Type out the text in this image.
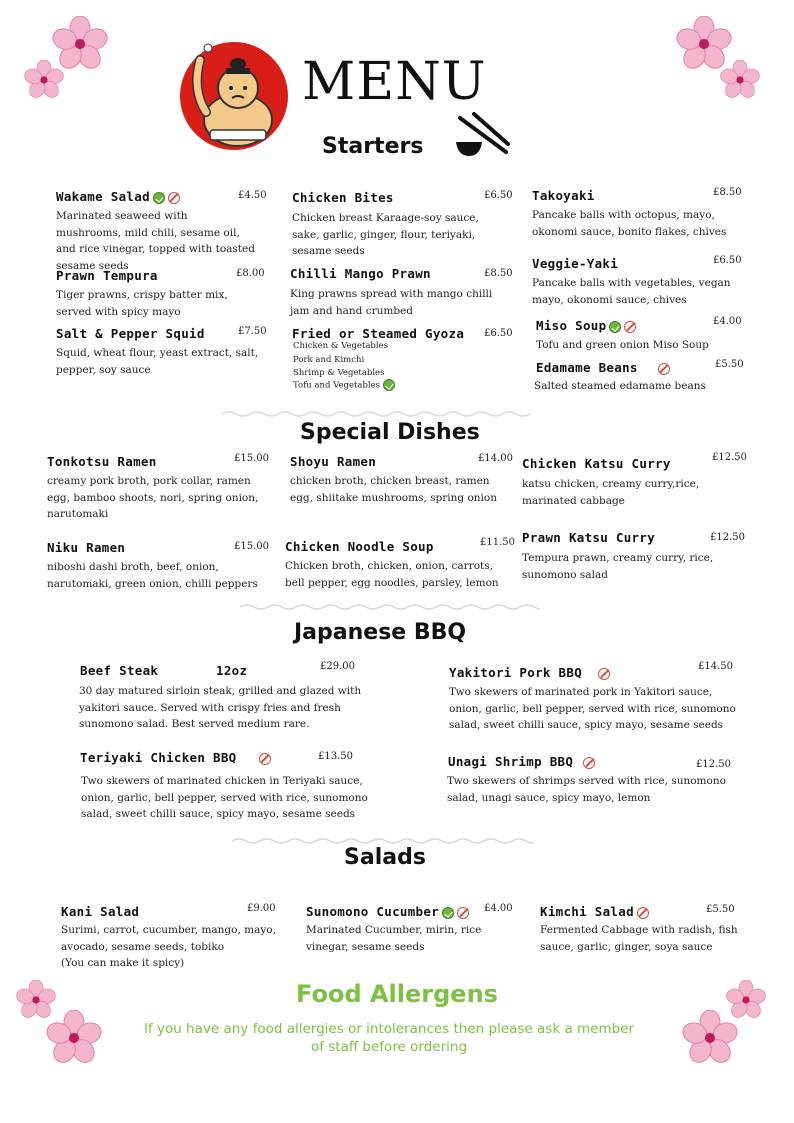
MENU
Starters
Wakame Salad	£4.50
Marinated seaweed with mushrooms, mild chili, sesame oil, and rice vinegar, topped with toasted sesame seeds
Prawn Tempura	£8.00
Tiger prawns, crispy batter mix, served with spicy mayo
Salt & Pepper Squid	£7.50
Squid, wheat flour, yeast extract, salt, pepper, soy sauce
Chicken Bites	£6.50
Chicken breast Karaage-soy sauce, sake, garlic, ginger, flour, teriyaki, sesame seeds
Chilli Mango Prawn	£8.50
King prawns spread with mango chilli jam and hand crumbed
Fried or Steamed Gyoza £6.50
Chicken & Vegetables
Pork and Kimchi
Shrimp & Vegetables
Tofu and Vegetables
Takoyaki	£8.50
Pancake balls with octopus, mayo, okonomi sauce, bonito flakes, chives
Veggie-Yaki	£6.50
Pancake balls with vegetables, vegan mayo, okonomi sauce, chives
Miso Soup	£4.00
Tofu and green onion Miso Soup
Edamame Beans	£5.50
Salted steamed edamame beans
Special Dishes
Tonkotsu Ramen	£15.00
creamy pork broth, pork collar, ramen egg, bamboo shoots, nori, spring onion, narutomaki
Niku Ramen	£15.00
niboshi dashi broth, beef, onion, narutomaki, green onion, chilli peppers
Shoyu Ramen	£14.00
chicken broth, chicken breast, ramen egg, shiitake mushrooms, spring onion
Chicken Noodle Soup	£11.50
Chicken broth, chicken, onion, carrots, bell pepper, egg noodles, parsley, lemon
Chicken Katsu Curry	£12.50
katsu chicken, creamy curry,rice, marinated cabbage
Prawn Katsu Curry	£12.50
Tempura prawn, creamy curry, rice, sunomono salad
Japanese BBQ
Beef Steak	12oz	£29.00
30 day matured sirloin steak, grilled and glazed with yakitori sauce. Served with crispy fries and fresh sunomono salad. Best served medium rare.
Teriyaki Chicken BBQ	£13.50
Two skewers of marinated chicken in Teriyaki sauce, onion, garlic, bell pepper, served with rice, sunomono salad, sweet chilli sauce, spicy mayo, sesame seeds
Yakitori Pork BBQ	£14.50
Two skewers of marinated pork in Yakitori sauce, onion, garlic, bell pepper, served with rice, sunomono salad, sweet chilli sauce, spicy mayo, sesame seeds
Unagi Shrimp BBQ	£12.50
Two skewers of shrimps served with rice, sunomono salad, unagi sauce, spicy mayo, lemon
Salads
Kani Salad	£9.00
Surimi, carrot, cucumber, mango, mayo, avocado, sesame seeds, tobiko
(You can make it spicy)
Sunomono Cucumber	£4.00
Marinated Cucumber, mirin, rice vinegar, sesame seeds
Kimchi Salad	£5.50
Fermented Cabbage with radish, fish sauce, garlic, ginger, soya sauce
Food Allergens
If you have any food allergies or intolerances then please ask a member of staff before ordering
